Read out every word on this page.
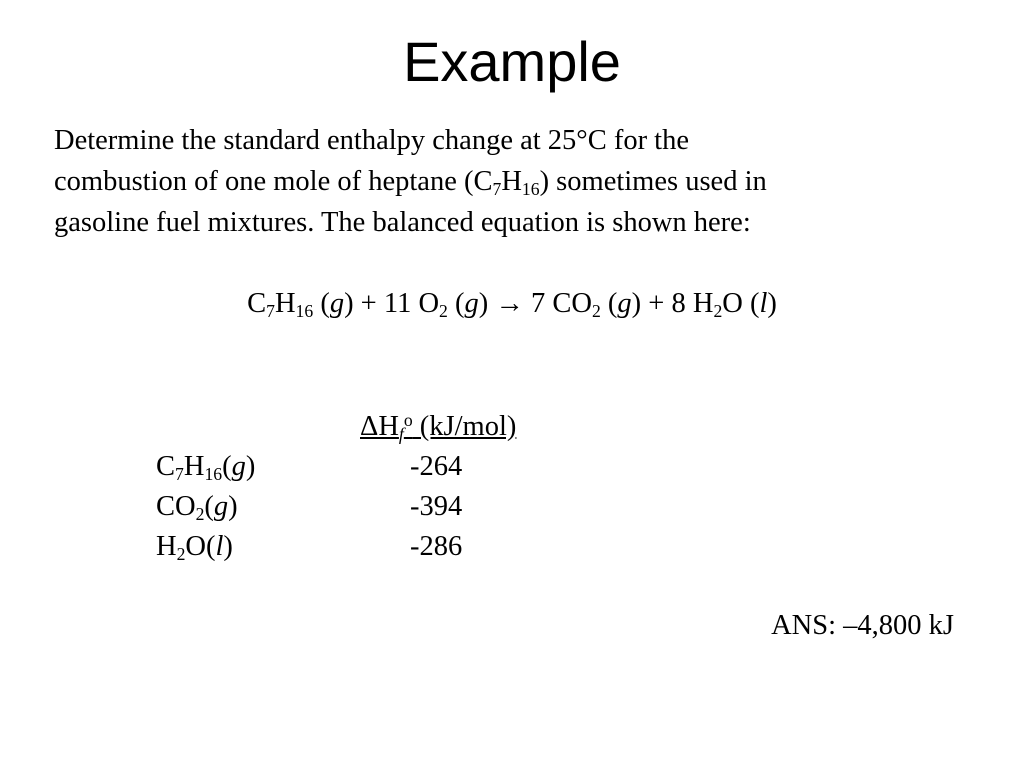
Example

Determine the standard enthalpy change at 25°C for the
combustion of one mole of heptane $(C_7H_{16})$ sometimes used in
gasoline fuel mixtures. The balanced equation is shown here:

$C_7H_{16}$ (g) + 11 $O_2$ (g) → 7 $CO_2$ (g) + 8 $H_2O$ (l)
$C_7H_{16}(g)$
$CO_2(g)$
$H_2O(l)$
$\Delta H_f^o$ (kJ/mol)
-264
-394
-286
ANS: –4,800 kJ
